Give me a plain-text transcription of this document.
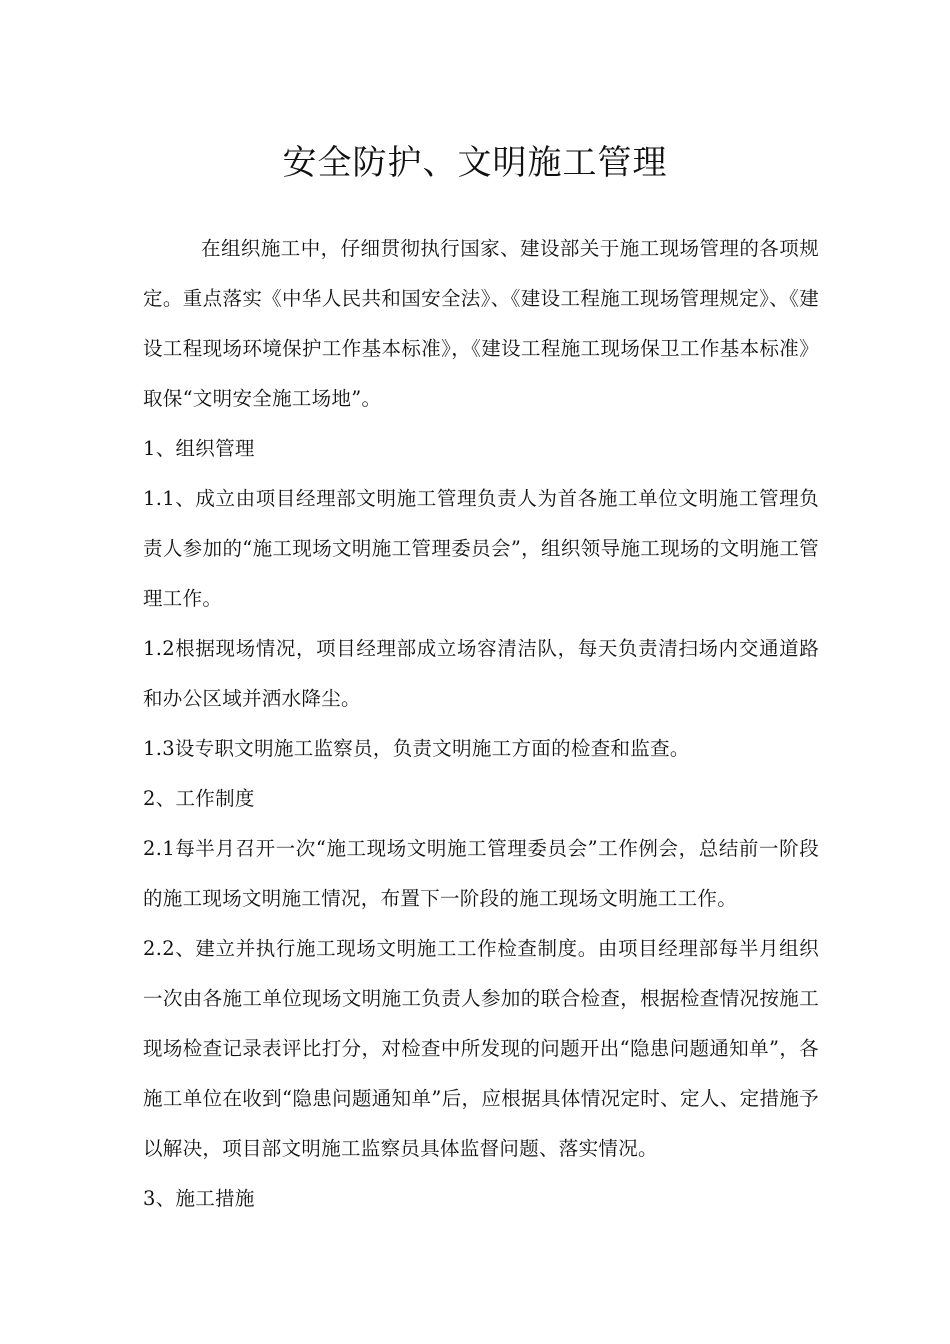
安全防护、文明施工管理

在组织施工中，仔细贯彻执行国家、建设部关于施工现场管理的各项规定。重点落实《中华人民共和国安全法》、《建设工程施工现场管理规定》、《建设工程现场环境保护工作基本标准》，《建设工程施工现场保卫工作基本标准》取保“文明安全施工场地”。

1、组织管理

1.1、成立由项目经理部文明施工管理负责人为首各施工单位文明施工管理负责人参加的“施工现场文明施工管理委员会”，组织领导施工现场的文明施工管理工作。

1.2根据现场情况，项目经理部成立场容清洁队，每天负责清扫场内交通道路和办公区域并洒水降尘。

1.3设专职文明施工监察员，负责文明施工方面的检查和监查。

2、工作制度

2.1每半月召开一次“施工现场文明施工管理委员会”工作例会，总结前一阶段的施工现场文明施工情况，布置下一阶段的施工现场文明施工工作。

2.2、建立并执行施工现场文明施工工作检查制度。由项目经理部每半月组织一次由各施工单位现场文明施工负责人参加的联合检查，根据检查情况按施工现场检查记录表评比打分，对检查中所发现的问题开出“隐患问题通知单”，各施工单位在收到“隐患问题通知单”后，应根据具体情况定时、定人、定措施予以解决，项目部文明施工监察员具体监督问题、落实情况。

3、施工措施
